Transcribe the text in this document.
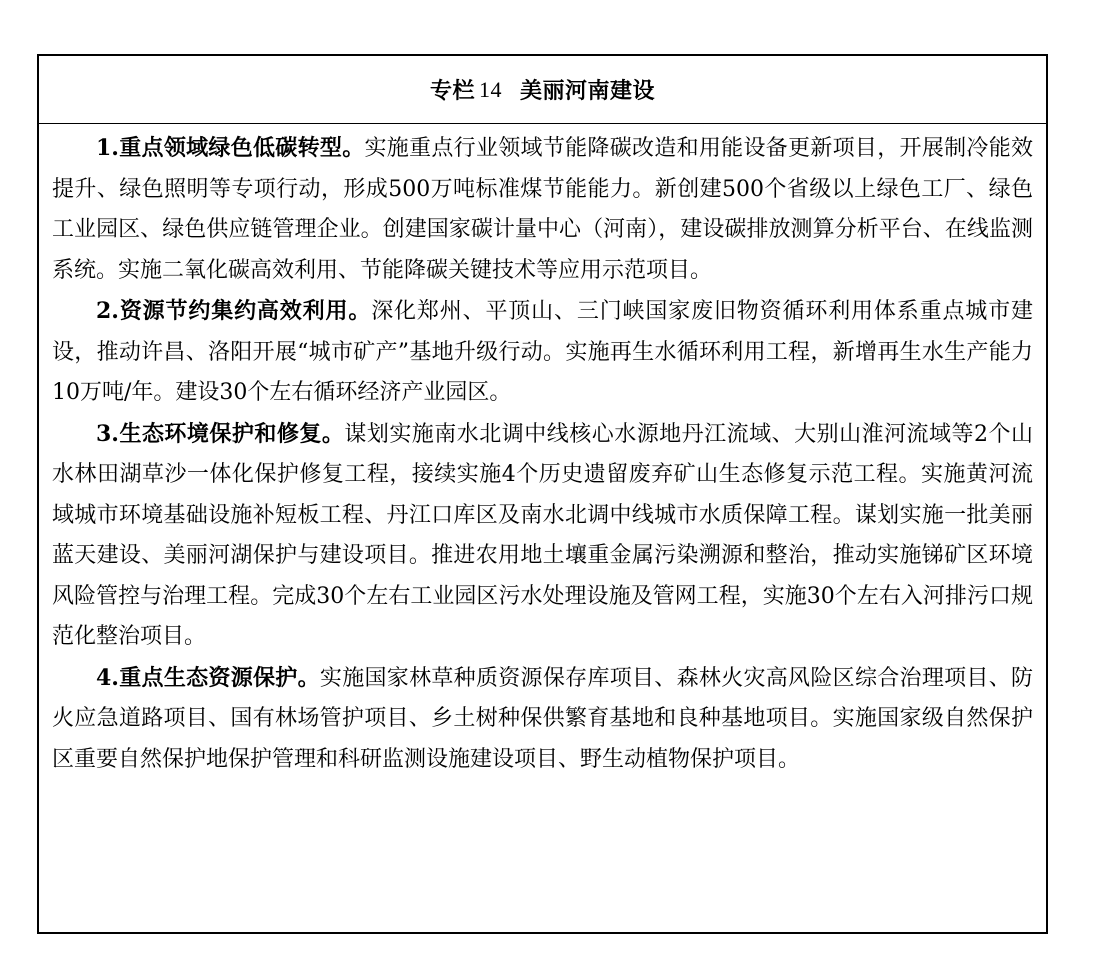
专栏 14 美丽河南建设

1.重点领域绿色低碳转型。实施重点行业领域节能降碳改造和用能设备更新项目，开展制冷能效提升、绿色照明等专项行动，形成500万吨标准煤节能能力。新创建500个省级以上绿色工厂、绿色工业园区、绿色供应链管理企业。创建国家碳计量中心（河南），建设碳排放测算分析平台、在线监测系统。实施二氧化碳高效利用、节能降碳关键技术等应用示范项目。

2.资源节约集约高效利用。深化郑州、平顶山、三门峡国家废旧物资循环利用体系重点城市建设，推动许昌、洛阳开展“城市矿产”基地升级行动。实施再生水循环利用工程，新增再生水生产能力10万吨/年。建设30个左右循环经济产业园区。

3.生态环境保护和修复。谋划实施南水北调中线核心水源地丹江流域、大别山淮河流域等2个山水林田湖草沙一体化保护修复工程，接续实施4个历史遗留废弃矿山生态修复示范工程。实施黄河流域城市环境基础设施补短板工程、丹江口库区及南水北调中线城市水质保障工程。谋划实施一批美丽蓝天建设、美丽河湖保护与建设项目。推进农用地土壤重金属污染溯源和整治，推动实施锑矿区环境风险管控与治理工程。完成30个左右工业园区污水处理设施及管网工程，实施30个左右入河排污口规范化整治项目。

4.重点生态资源保护。实施国家林草种质资源保存库项目、森林火灾高风险区综合治理项目、防火应急道路项目、国有林场管护项目、乡土树种保供繁育基地和良种基地项目。实施国家级自然保护区重要自然保护地保护管理和科研监测设施建设项目、野生动植物保护项目。
